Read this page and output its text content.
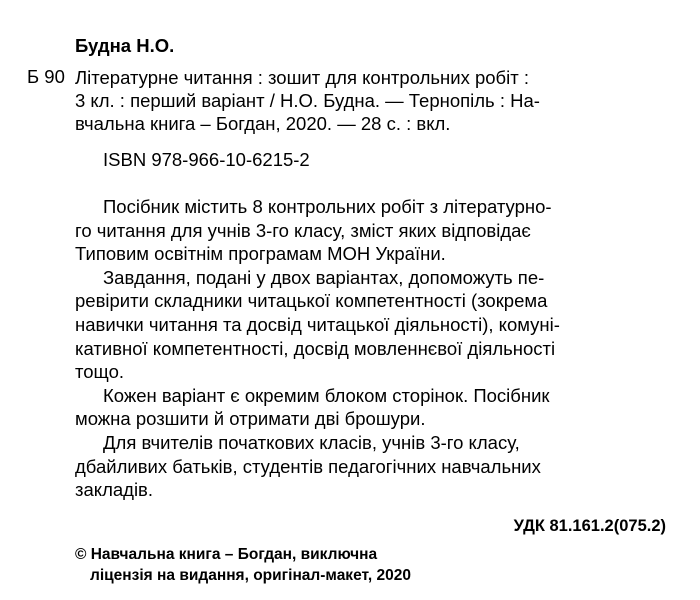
Будна Н.О.
Б 90 Літературне читання : зошит для контрольних робіт :
3 кл. : перший варіант / Н.О. Будна. — Тернопіль : На-
вчальна книга – Богдан, 2020. — 28 с. : вкл.
ISBN 978-966-10-6215-2
Посібник містить 8 контрольних робіт з літературно-
го читання для учнів 3-го класу, зміст яких відповідає
Типовим освітнім програмам МОН України.
Завдання, подані у двох варіантах, допоможуть пе-
ревірити складники читацької компетентності (зокрема
навички читання та досвід читацької діяльності), комуні-
кативної компетентності, досвід мовленнєвої діяльності
тощо.
Кожен варіант є окремим блоком сторінок. Посібник
можна розшити й отримати дві брошури.
Для вчителів початкових класів, учнів 3-го класу,
дбайливих батьків, студентів педагогічних навчальних
закладів.
УДК 81.161.2(075.2)
© Навчальна книга – Богдан, виключна
ліцензія на видання, оригінал-макет, 2020
